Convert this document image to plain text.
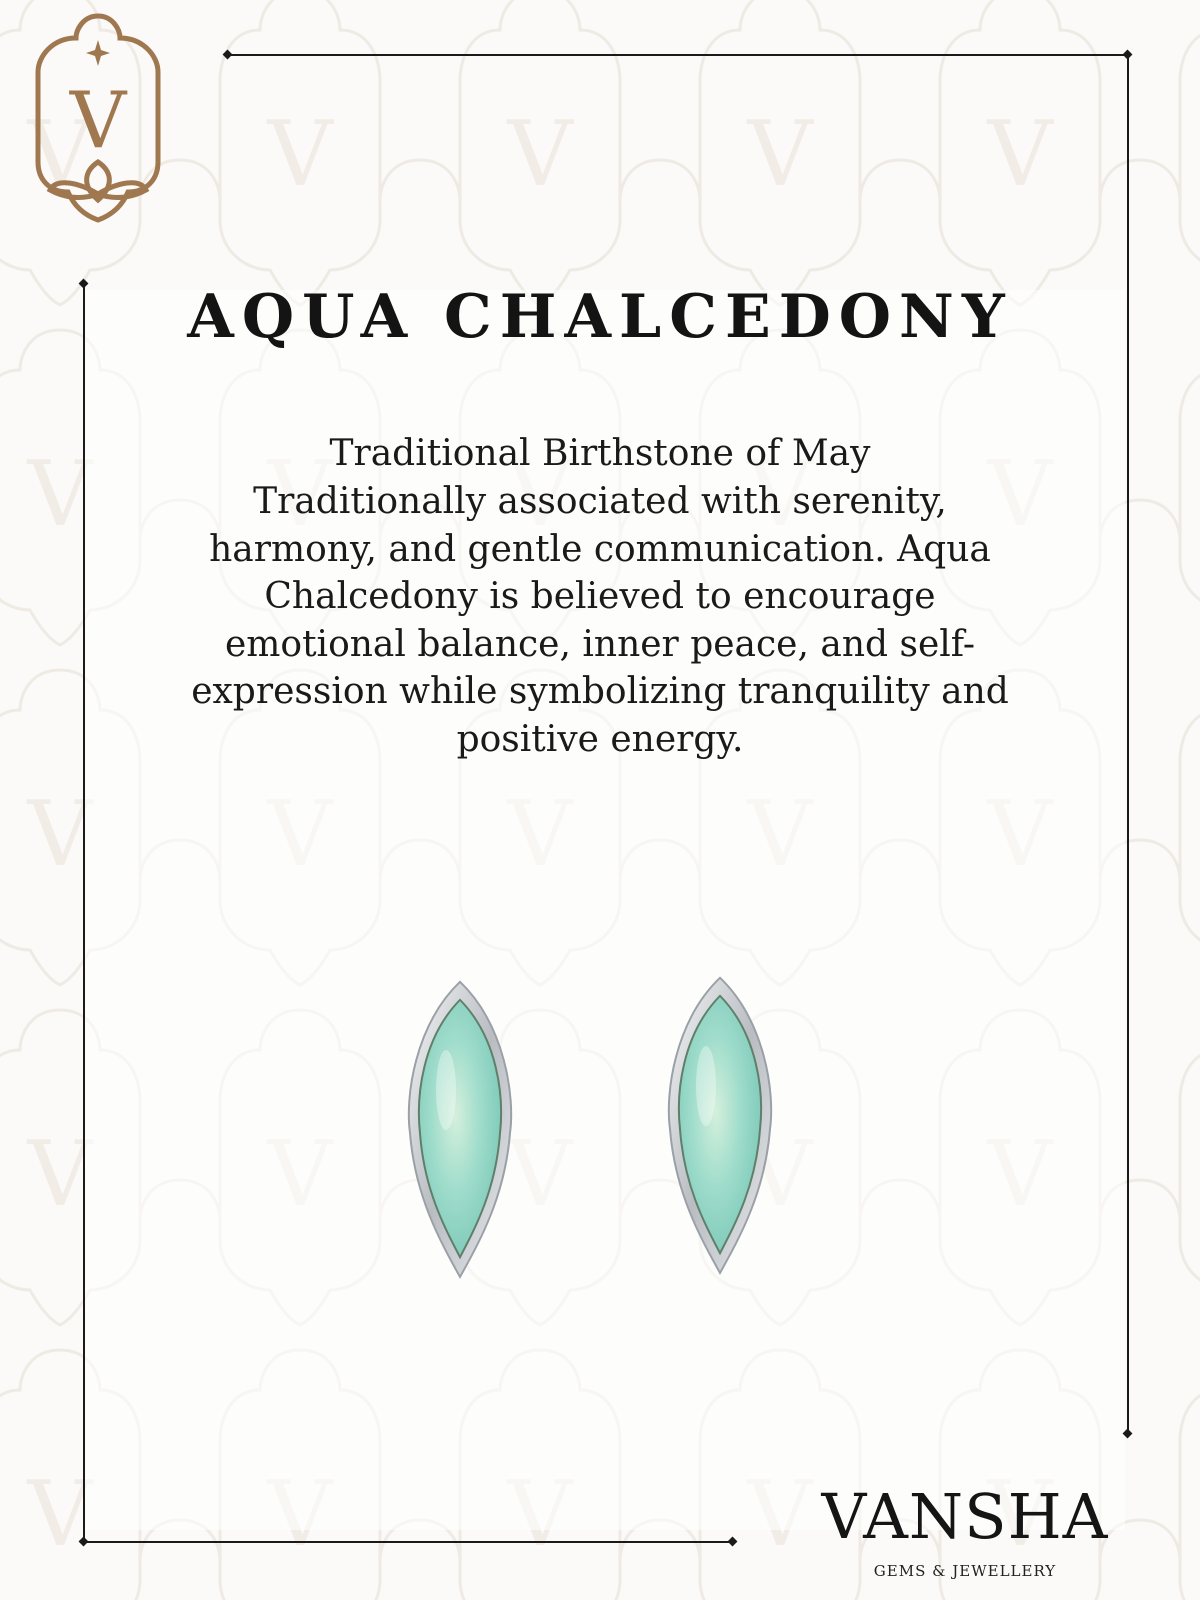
V
AQUA CHALCEDONY
Traditional Birthstone of May
Traditionally associated with serenity, harmony, and gentle communication. Aqua Chalcedony is believed to encourage emotional balance, inner peace, and self-expression while symbolizing tranquility and positive energy.
VANSHA
GEMS & JEWELLERY
